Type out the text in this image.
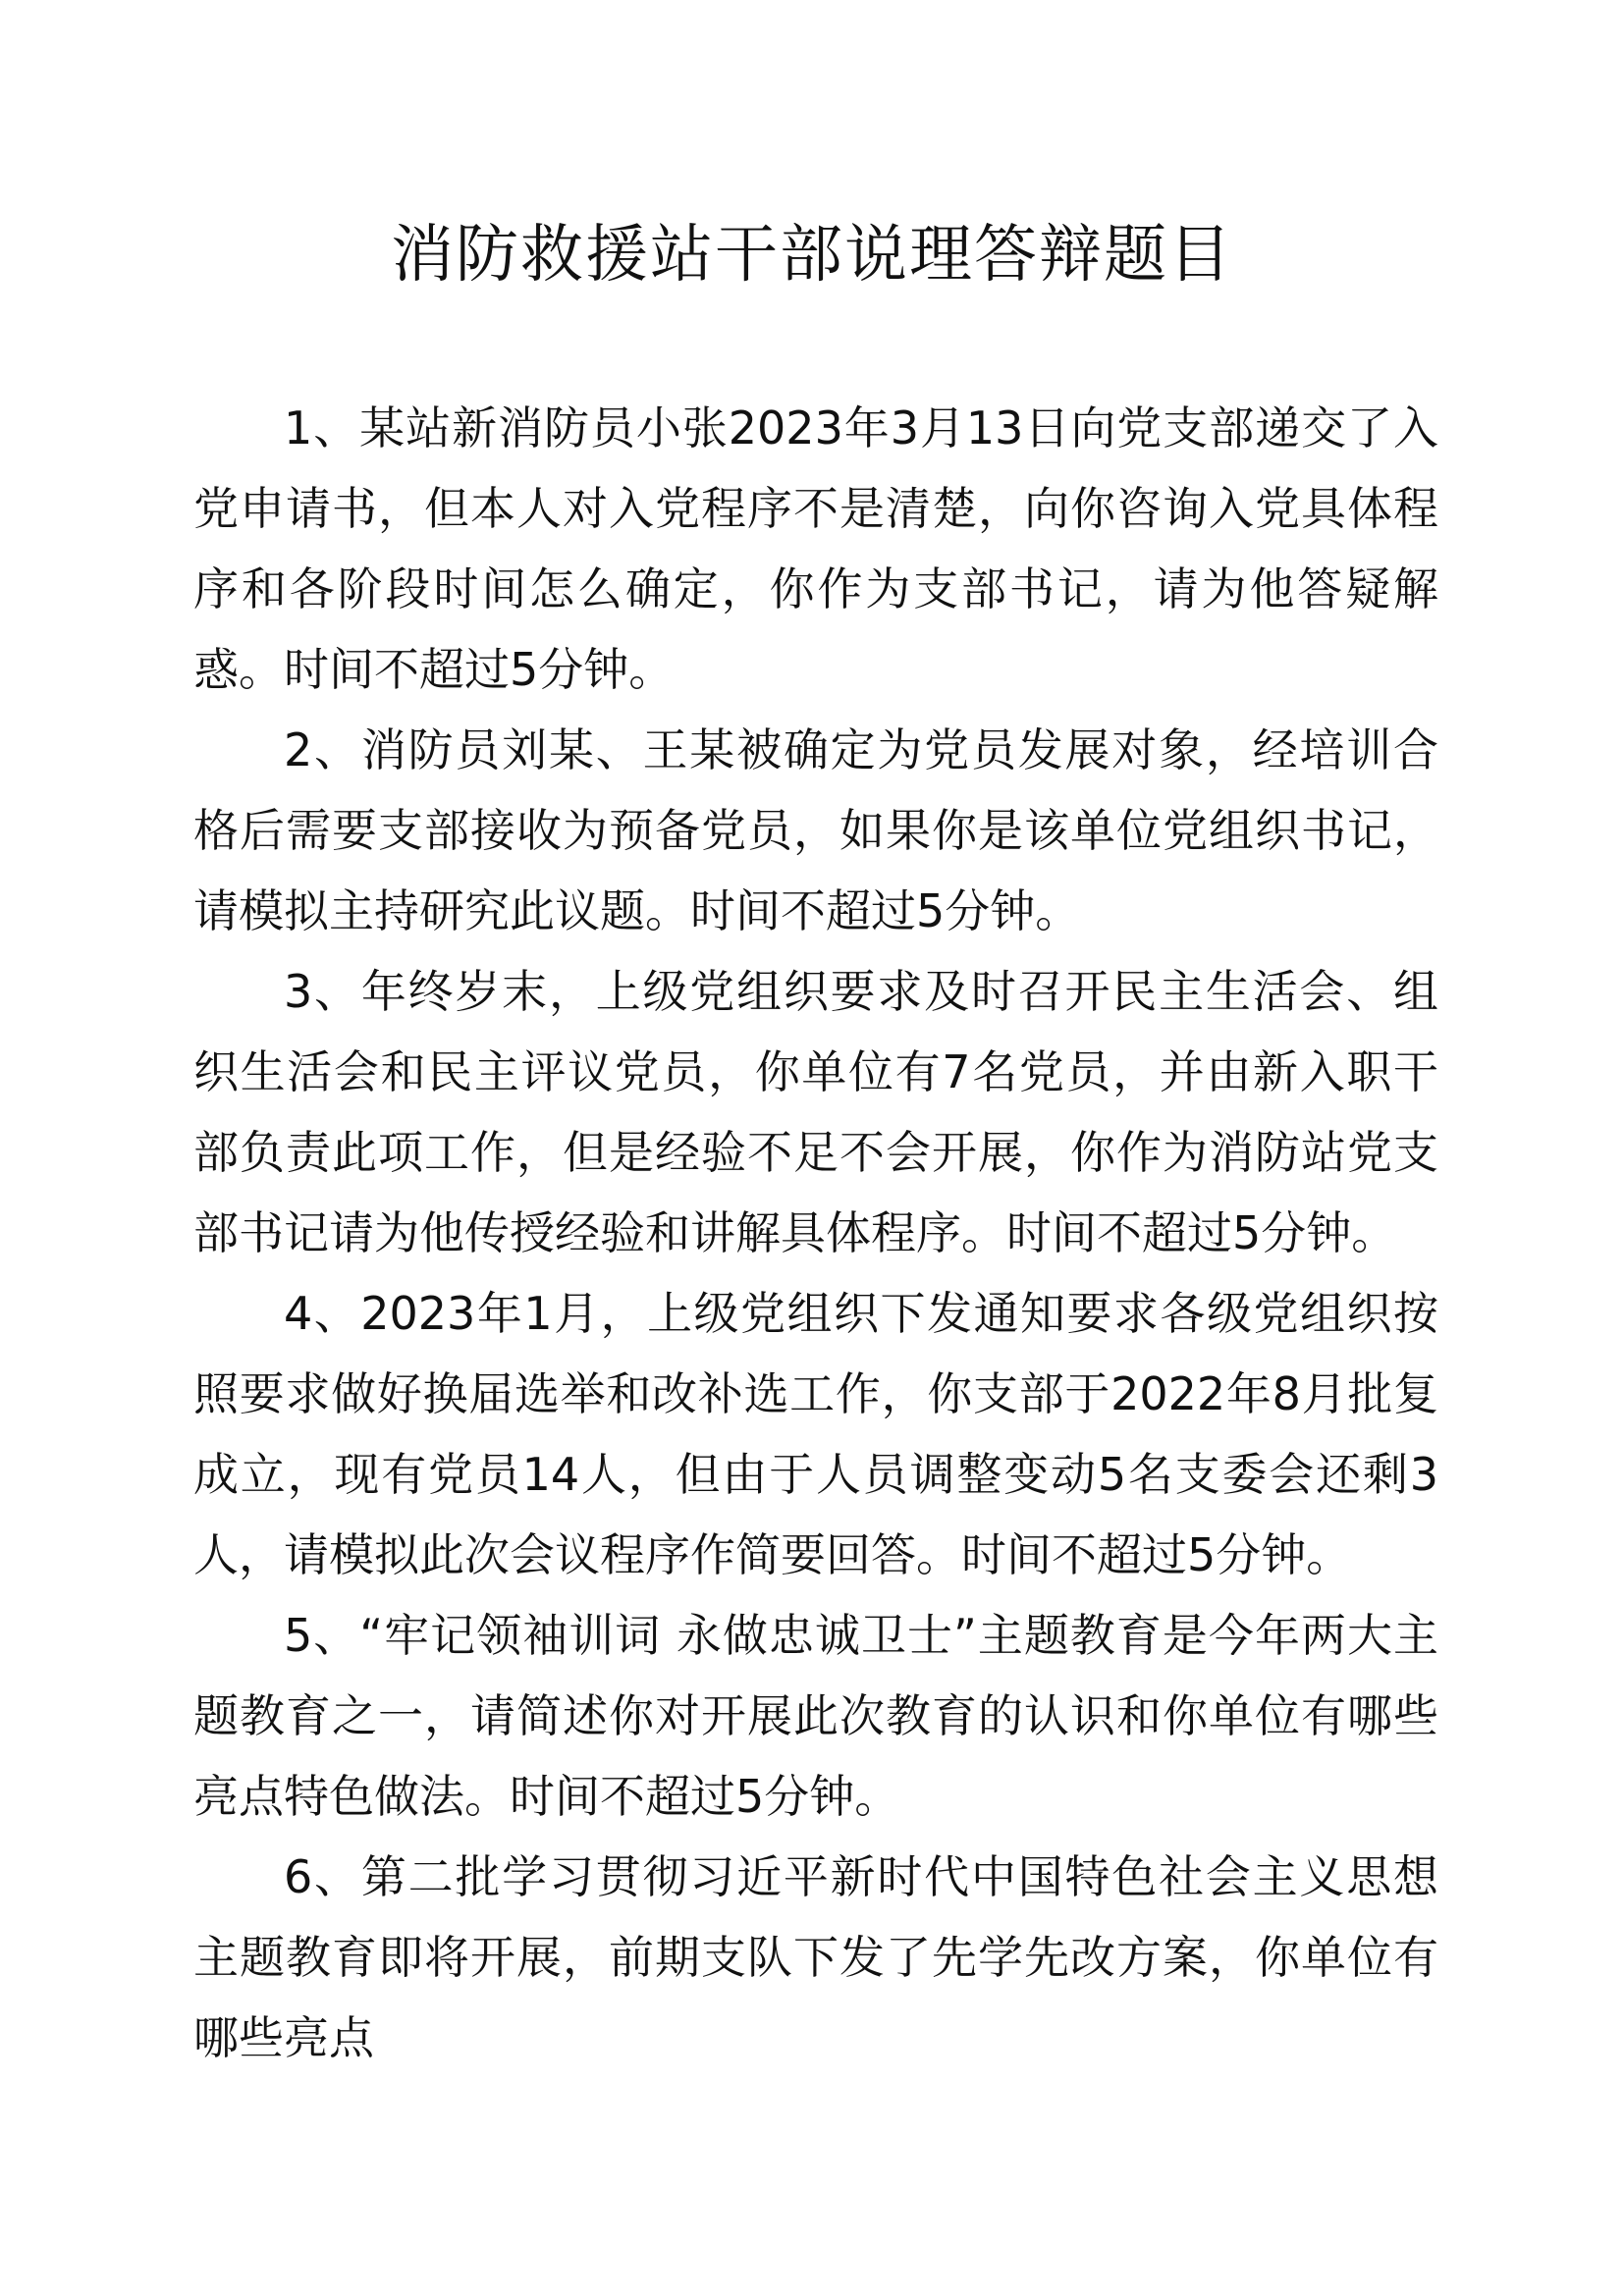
消防救援站干部说理答辩题目

1、某站新消防员小张2023年3月13日向党支部递交了入党申请书，但本人对入党程序不是清楚，向你咨询入党具体程序和各阶段时间怎么确定，你作为支部书记，请为他答疑解惑。时间不超过5分钟。

2、消防员刘某、王某被确定为党员发展对象，经培训合格后需要支部接收为预备党员，如果你是该单位党组织书记，请模拟主持研究此议题。时间不超过5分钟。

3、年终岁末，上级党组织要求及时召开民主生活会、组织生活会和民主评议党员，你单位有7名党员，并由新入职干部负责此项工作，但是经验不足不会开展，你作为消防站党支部书记请为他传授经验和讲解具体程序。时间不超过5分钟。

4、2023年1月，上级党组织下发通知要求各级党组织按照要求做好换届选举和改补选工作，你支部于2022年8月批复成立，现有党员14人，但由于人员调整变动5名支委会还剩3人，请模拟此次会议程序作简要回答。时间不超过5分钟。

5、“牢记领袖训词 永做忠诚卫士”主题教育是今年两大主题教育之一，请简述你对开展此次教育的认识和你单位有哪些亮点特色做法。时间不超过5分钟。

6、第二批学习贯彻习近平新时代中国特色社会主义思想主题教育即将开展，前期支队下发了先学先改方案，你单位有哪些亮点
